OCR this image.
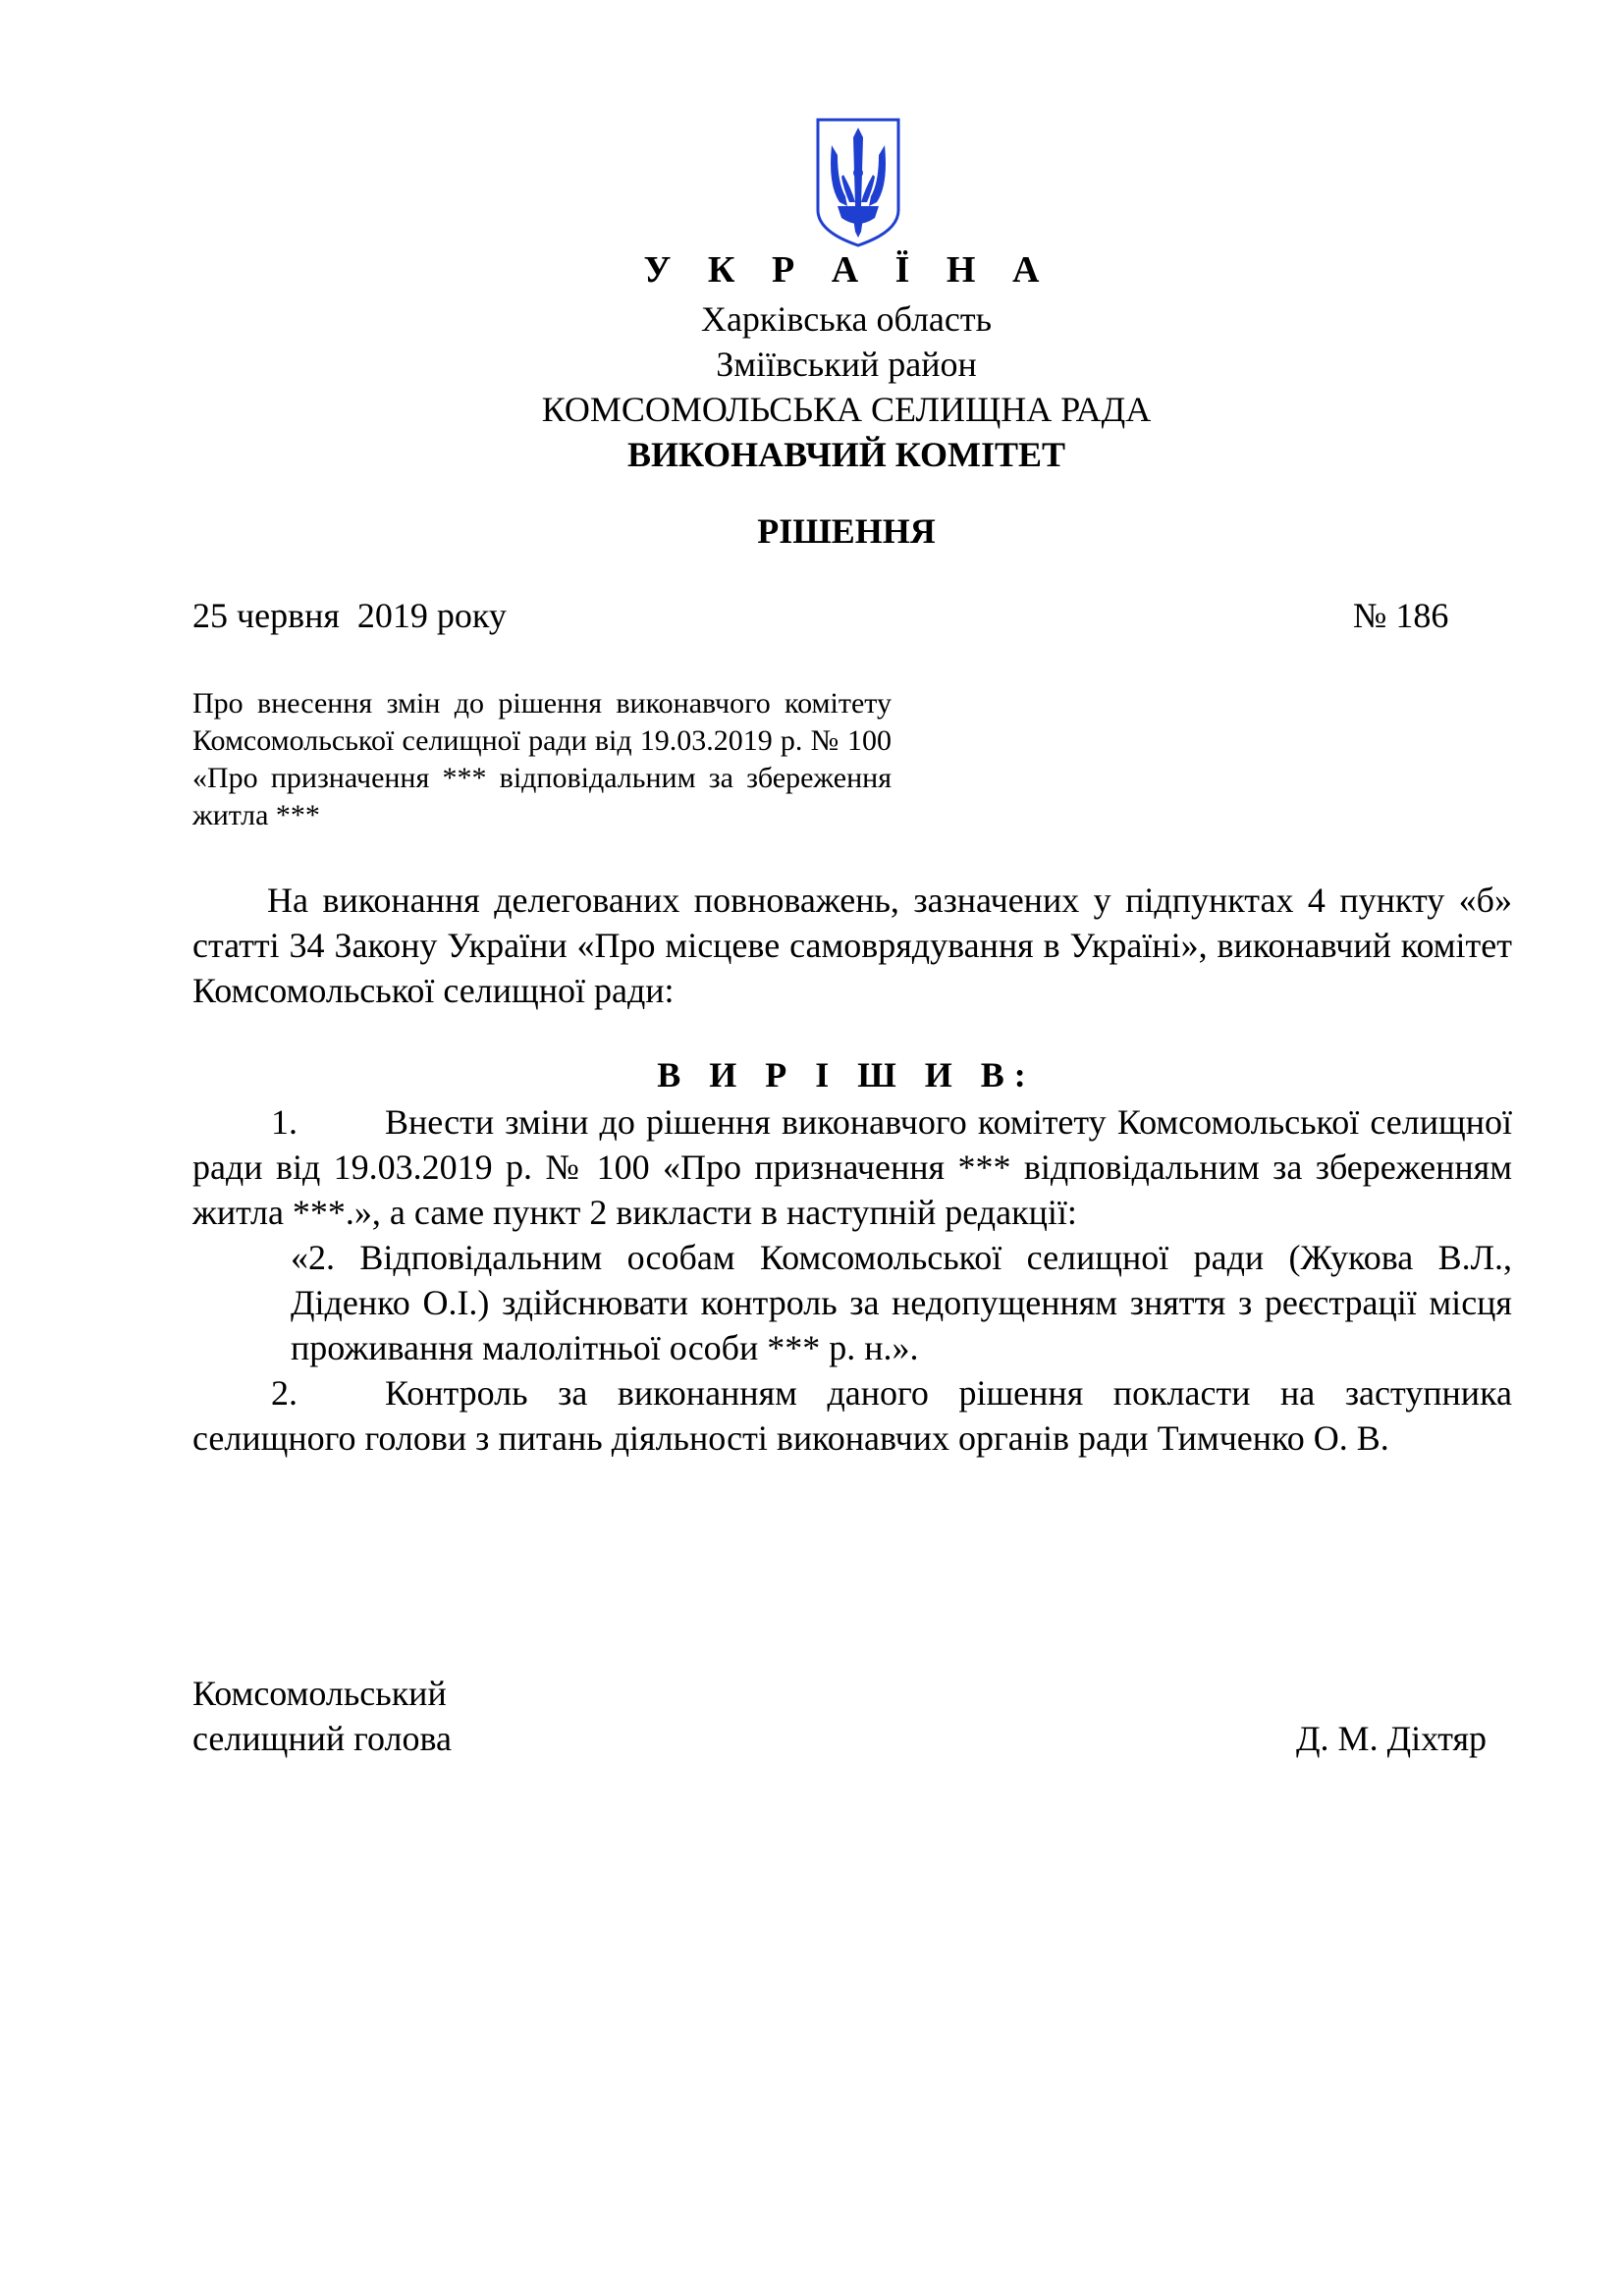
У К Р А Ї Н А
Харківська область
Зміївський район
КОМСОМОЛЬСЬКА СЕЛИЩНА РАДА
ВИКОНАВЧИЙ КОМІТЕТ
РІШЕННЯ
25 червня  2019 року	№ 186
Про внесення змін до рішення виконавчого комітету Комсомольської селищної ради від 19.03.2019 р. № 100 «Про призначення *** відповідальним за збереження житла ***
На виконання делегованих повноважень, зазначених у підпунктах 4 пункту «б» статті 34 Закону України «Про місцеве самоврядування в Україні», виконавчий комітет Комсомольської селищної ради:
В И Р І Ш И В:
1. Внести зміни до рішення виконавчого комітету Комсомольської селищної ради від 19.03.2019 р. № 100 «Про призначення *** відповідальним за збереженням житла ***.», а саме пункт 2 викласти в наступній редакції:
«2. Відповідальним особам Комсомольської селищної ради (Жукова В.Л., Діденко О.І.) здійснювати контроль за недопущенням зняття з реєстрації місця проживання малолітньої особи *** р. н.».
2. Контроль за виконанням даного рішення покласти на заступника селищного голови з питань діяльності виконавчих органів ради Тимченко О. В.
Комсомольський
селищний голова	Д. М. Діхтяр
